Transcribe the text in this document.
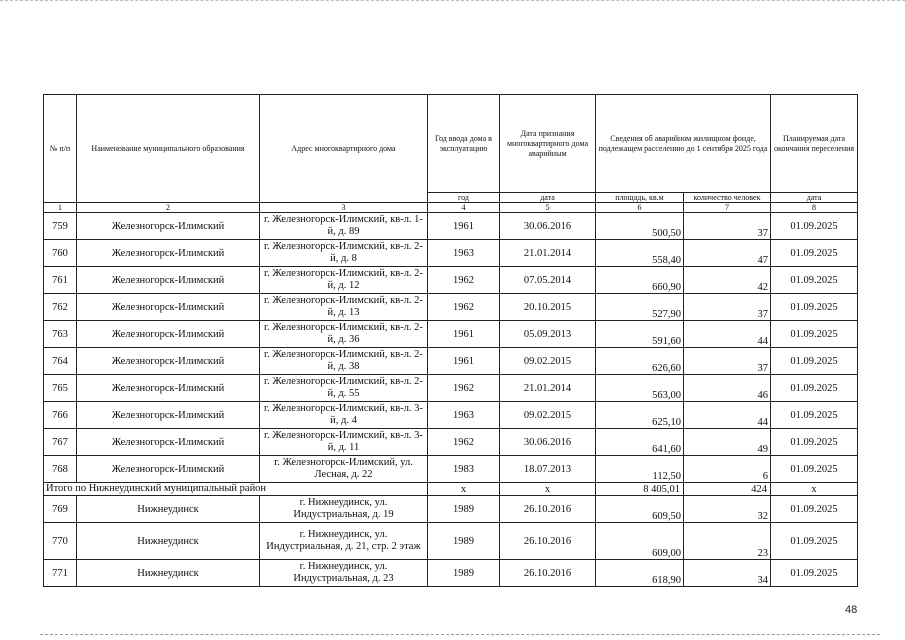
№ п/п	Наименование муниципального образования	Адрес многоквартирного дома	Год ввода дома в эксплуатацию	Дата признания многоквартирного дома аварийным	Сведения об аварийном жилищном фонде, подлежащем расселению до 1 сентября 2025 года		Планируемая дата окончания переселения
			год	дата	площадь, кв.м	количество человек	дата
1	2	3	4	5	6	7	8
759	Железногорск-Илимский	г. Железногорск-Илимский, кв-л. 1-й, д. 89	1961	30.06.2016	500,50	37	01.09.2025
760	Железногорск-Илимский	г. Железногорск-Илимский, кв-л. 2-й, д. 8	1963	21.01.2014	558,40	47	01.09.2025
761	Железногорск-Илимский	г. Железногорск-Илимский, кв-л. 2-й, д. 12	1962	07.05.2014	660,90	42	01.09.2025
762	Железногорск-Илимский	г. Железногорск-Илимский, кв-л. 2-й, д. 13	1962	20.10.2015	527,90	37	01.09.2025
763	Железногорск-Илимский	г. Железногорск-Илимский, кв-л. 2-й, д. 36	1961	05.09.2013	591,60	44	01.09.2025
764	Железногорск-Илимский	г. Железногорск-Илимский, кв-л. 2-й, д. 38	1961	09.02.2015	626,60	37	01.09.2025
765	Железногорск-Илимский	г. Железногорск-Илимский, кв-л. 2-й, д. 55	1962	21.01.2014	563,00	46	01.09.2025
766	Железногорск-Илимский	г. Железногорск-Илимский, кв-л. 3-й, д. 4	1963	09.02.2015	625,10	44	01.09.2025
767	Железногорск-Илимский	г. Железногорск-Илимский, кв-л. 3-й, д. 11	1962	30.06.2016	641,60	49	01.09.2025
768	Железногорск-Илимский	г. Железногорск-Илимский, ул. Лесная, д. 22	1983	18.07.2013	112,50	6	01.09.2025
Итого по Нижнеудинский муниципальный район			х	х	8 405,01	424	х
769	Нижнеудинск	г. Нижнеудинск, ул. Индустриальная, д. 19	1989	26.10.2016	609,50	32	01.09.2025
770	Нижнеудинск	г. Нижнеудинск, ул. Индустриальная, д. 21, стр. 2 этаж	1989	26.10.2016	609,00	23	01.09.2025
771	Нижнеудинск	г. Нижнеудинск, ул. Индустриальная, д. 23	1989	26.10.2016	618,90	34	01.09.2025
48
